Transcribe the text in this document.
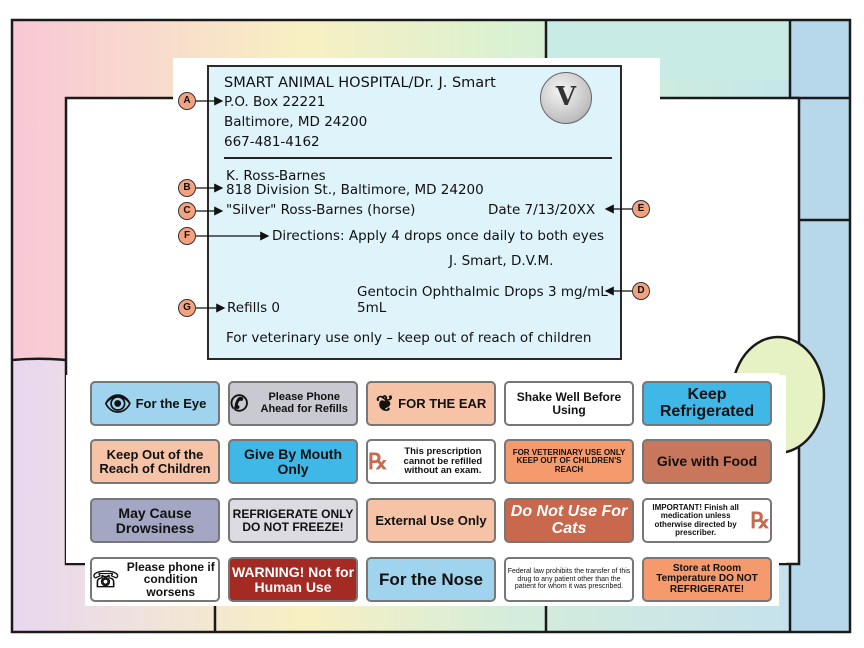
SMART ANIMAL HOSPITAL/Dr. J. Smart
P.O. Box 22221
Baltimore, MD 24200
667-481-4162
V
K. Ross-Barnes
818 Division St., Baltimore, MD 24200
"Silver" Ross-Barnes (horse)	Date 7/13/20XX
Directions: Apply 4 drops once daily to both eyes
J. Smart, D.V.M.
Gentocin Ophthalmic Drops 3 mg/mL
5mL
Refills 0
For veterinary use only – keep out of reach of children
A
B
C
D
E
F
G
👁 For the Eye ✆	Please Phone Ahead for Refills	❦ FOR THE EAR	Shake Well Before Using
Keep Refrigerated
Keep Out of the Reach of Children
Give By Mouth Only	℞	This prescription cannot be refilled without an exam.
FOR VETERINARY USE ONLY KEEP OUT OF CHILDREN'S REACH
Give with Food
May Cause Drowsiness
REFRIGERATE ONLY DO NOT FREEZE!	External Use Only
Do Not Use For Cats
IMPORTANT! Finish all medication unless otherwise directed by prescriber.	℞
☏
Please phone if condition worsens
WARNING! Not for Human Use	For the Nose	Federal law prohibits the transfer of this drug to any patient other than the patient for whom it was prescribed.
Store at Room Temperature DO NOT REFRIGERATE!
